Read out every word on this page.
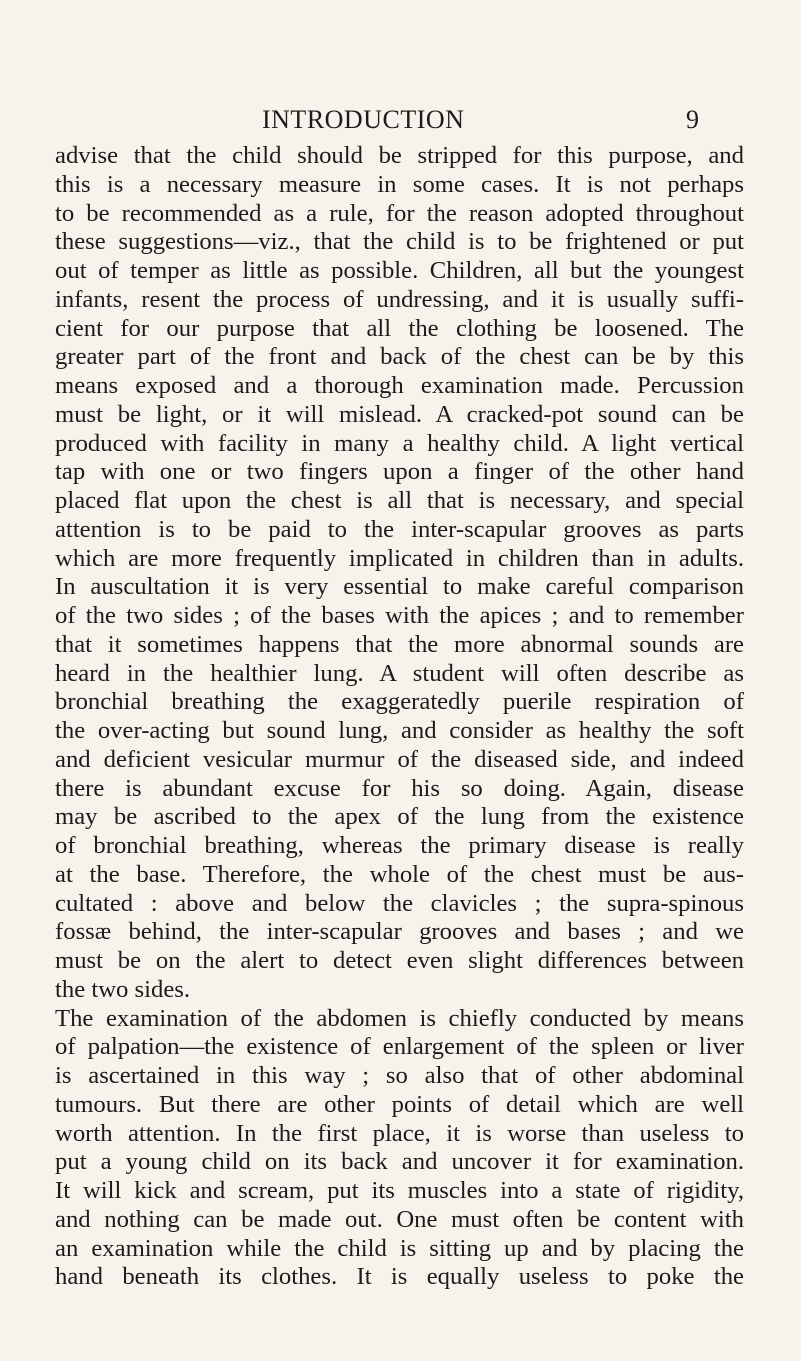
INTRODUCTION	9
advise that the child should be stripped for this purpose, and
this is a necessary measure in some cases. It is not perhaps
to be recommended as a rule, for the reason adopted throughout
these suggestions—viz., that the child is to be frightened or put
out of temper as little as possible. Children, all but the youngest
infants, resent the process of undressing, and it is usually suffi-
cient for our purpose that all the clothing be loosened. The
greater part of the front and back of the chest can be by this
means exposed and a thorough examination made. Percussion
must be light, or it will mislead. A cracked-pot sound can be
produced with facility in many a healthy child. A light vertical
tap with one or two fingers upon a finger of the other hand
placed flat upon the chest is all that is necessary, and special
attention is to be paid to the inter-scapular grooves as parts
which are more frequently implicated in children than in adults.
In auscultation it is very essential to make careful comparison
of the two sides ; of the bases with the apices ; and to remember
that it sometimes happens that the more abnormal sounds are
heard in the healthier lung. A student will often describe as
bronchial breathing the exaggeratedly puerile respiration of
the over-acting but sound lung, and consider as healthy the soft
and deficient vesicular murmur of the diseased side, and indeed
there is abundant excuse for his so doing. Again, disease
may be ascribed to the apex of the lung from the existence
of bronchial breathing, whereas the primary disease is really
at the base. Therefore, the whole of the chest must be aus-
cultated : above and below the clavicles ; the supra-spinous
fossæ behind, the inter-scapular grooves and bases ; and we
must be on the alert to detect even slight differences between
the two sides.
The examination of the abdomen is chiefly conducted by means
of palpation—the existence of enlargement of the spleen or liver
is ascertained in this way ; so also that of other abdominal
tumours. But there are other points of detail which are well
worth attention. In the first place, it is worse than useless to
put a young child on its back and uncover it for examination.
It will kick and scream, put its muscles into a state of rigidity,
and nothing can be made out. One must often be content with
an examination while the child is sitting up and by placing the
hand beneath its clothes. It is equally useless to poke the
